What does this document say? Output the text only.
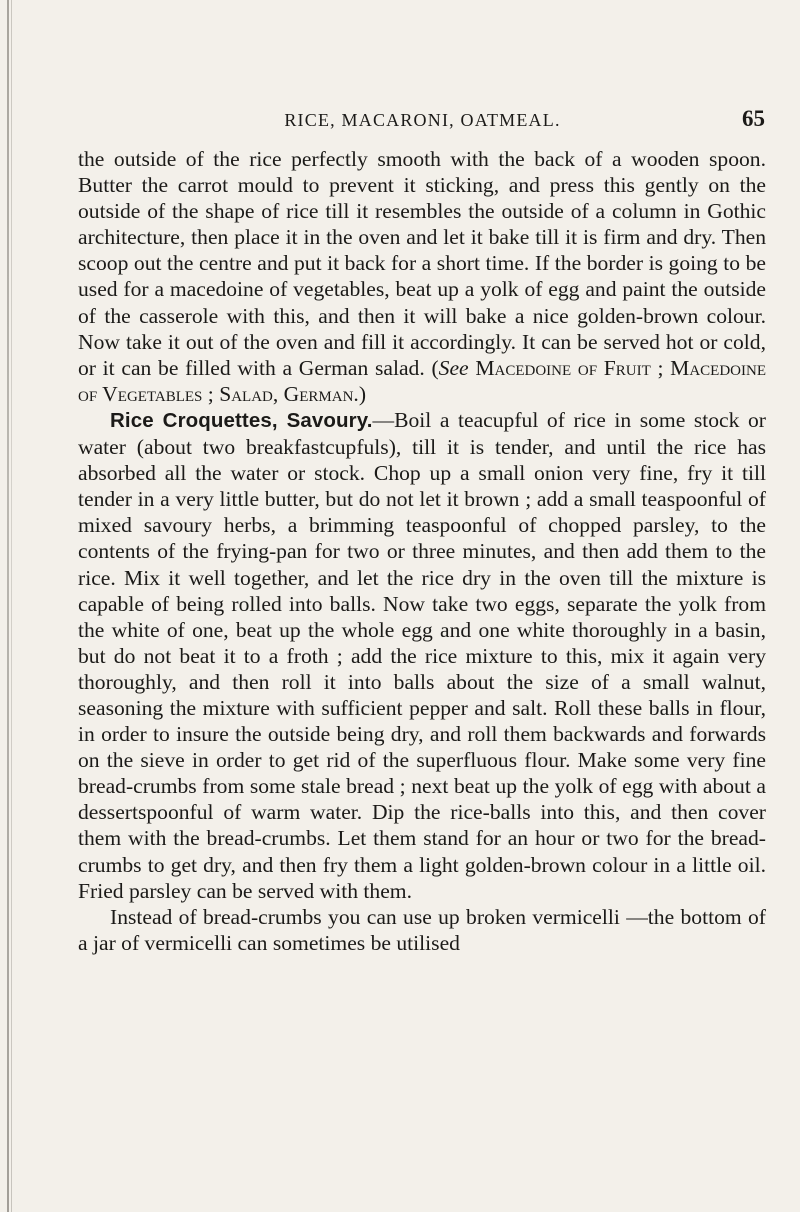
RICE, MACARONI, OATMEAL.	65

the outside of the rice perfectly smooth with the back of a wooden spoon. Butter the carrot mould to prevent it sticking, and press this gently on the outside of the shape of rice till it resembles the outside of a column in Gothic architecture, then place it in the oven and let it bake till it is firm and dry. Then scoop out the centre and put it back for a short time. If the border is going to be used for a macedoine of vegetables, beat up a yolk of egg and paint the outside of the casserole with this, and then it will bake a nice golden-brown colour. Now take it out of the oven and fill it accordingly. It can be served hot or cold, or it can be filled with a German salad. (See Macedoine of Fruit ; Macedoine of Vegetables ; Salad, German.)

Rice Croquettes, Savoury.—Boil a teacupful of rice in some stock or water (about two breakfastcupfuls), till it is tender, and until the rice has absorbed all the water or stock. Chop up a small onion very fine, fry it till tender in a very little butter, but do not let it brown ; add a small teaspoonful of mixed savoury herbs, a brimming teaspoonful of chopped parsley, to the contents of the frying-pan for two or three minutes, and then add them to the rice. Mix it well together, and let the rice dry in the oven till the mixture is capable of being rolled into balls. Now take two eggs, separate the yolk from the white of one, beat up the whole egg and one white thoroughly in a basin, but do not beat it to a froth ; add the rice mixture to this, mix it again very thoroughly, and then roll it into balls about the size of a small walnut, seasoning the mixture with sufficient pepper and salt. Roll these balls in flour, in order to insure the outside being dry, and roll them backwards and forwards on the sieve in order to get rid of the superfluous flour. Make some very fine bread-crumbs from some stale bread ; next beat up the yolk of egg with about a dessertspoonful of warm water. Dip the rice-balls into this, and then cover them with the bread-crumbs. Let them stand for an hour or two for the bread-crumbs to get dry, and then fry them a light golden-brown colour in a little oil. Fried parsley can be served with them.

Instead of bread-crumbs you can use up broken vermicelli —the bottom of a jar of vermicelli can sometimes be utilised
